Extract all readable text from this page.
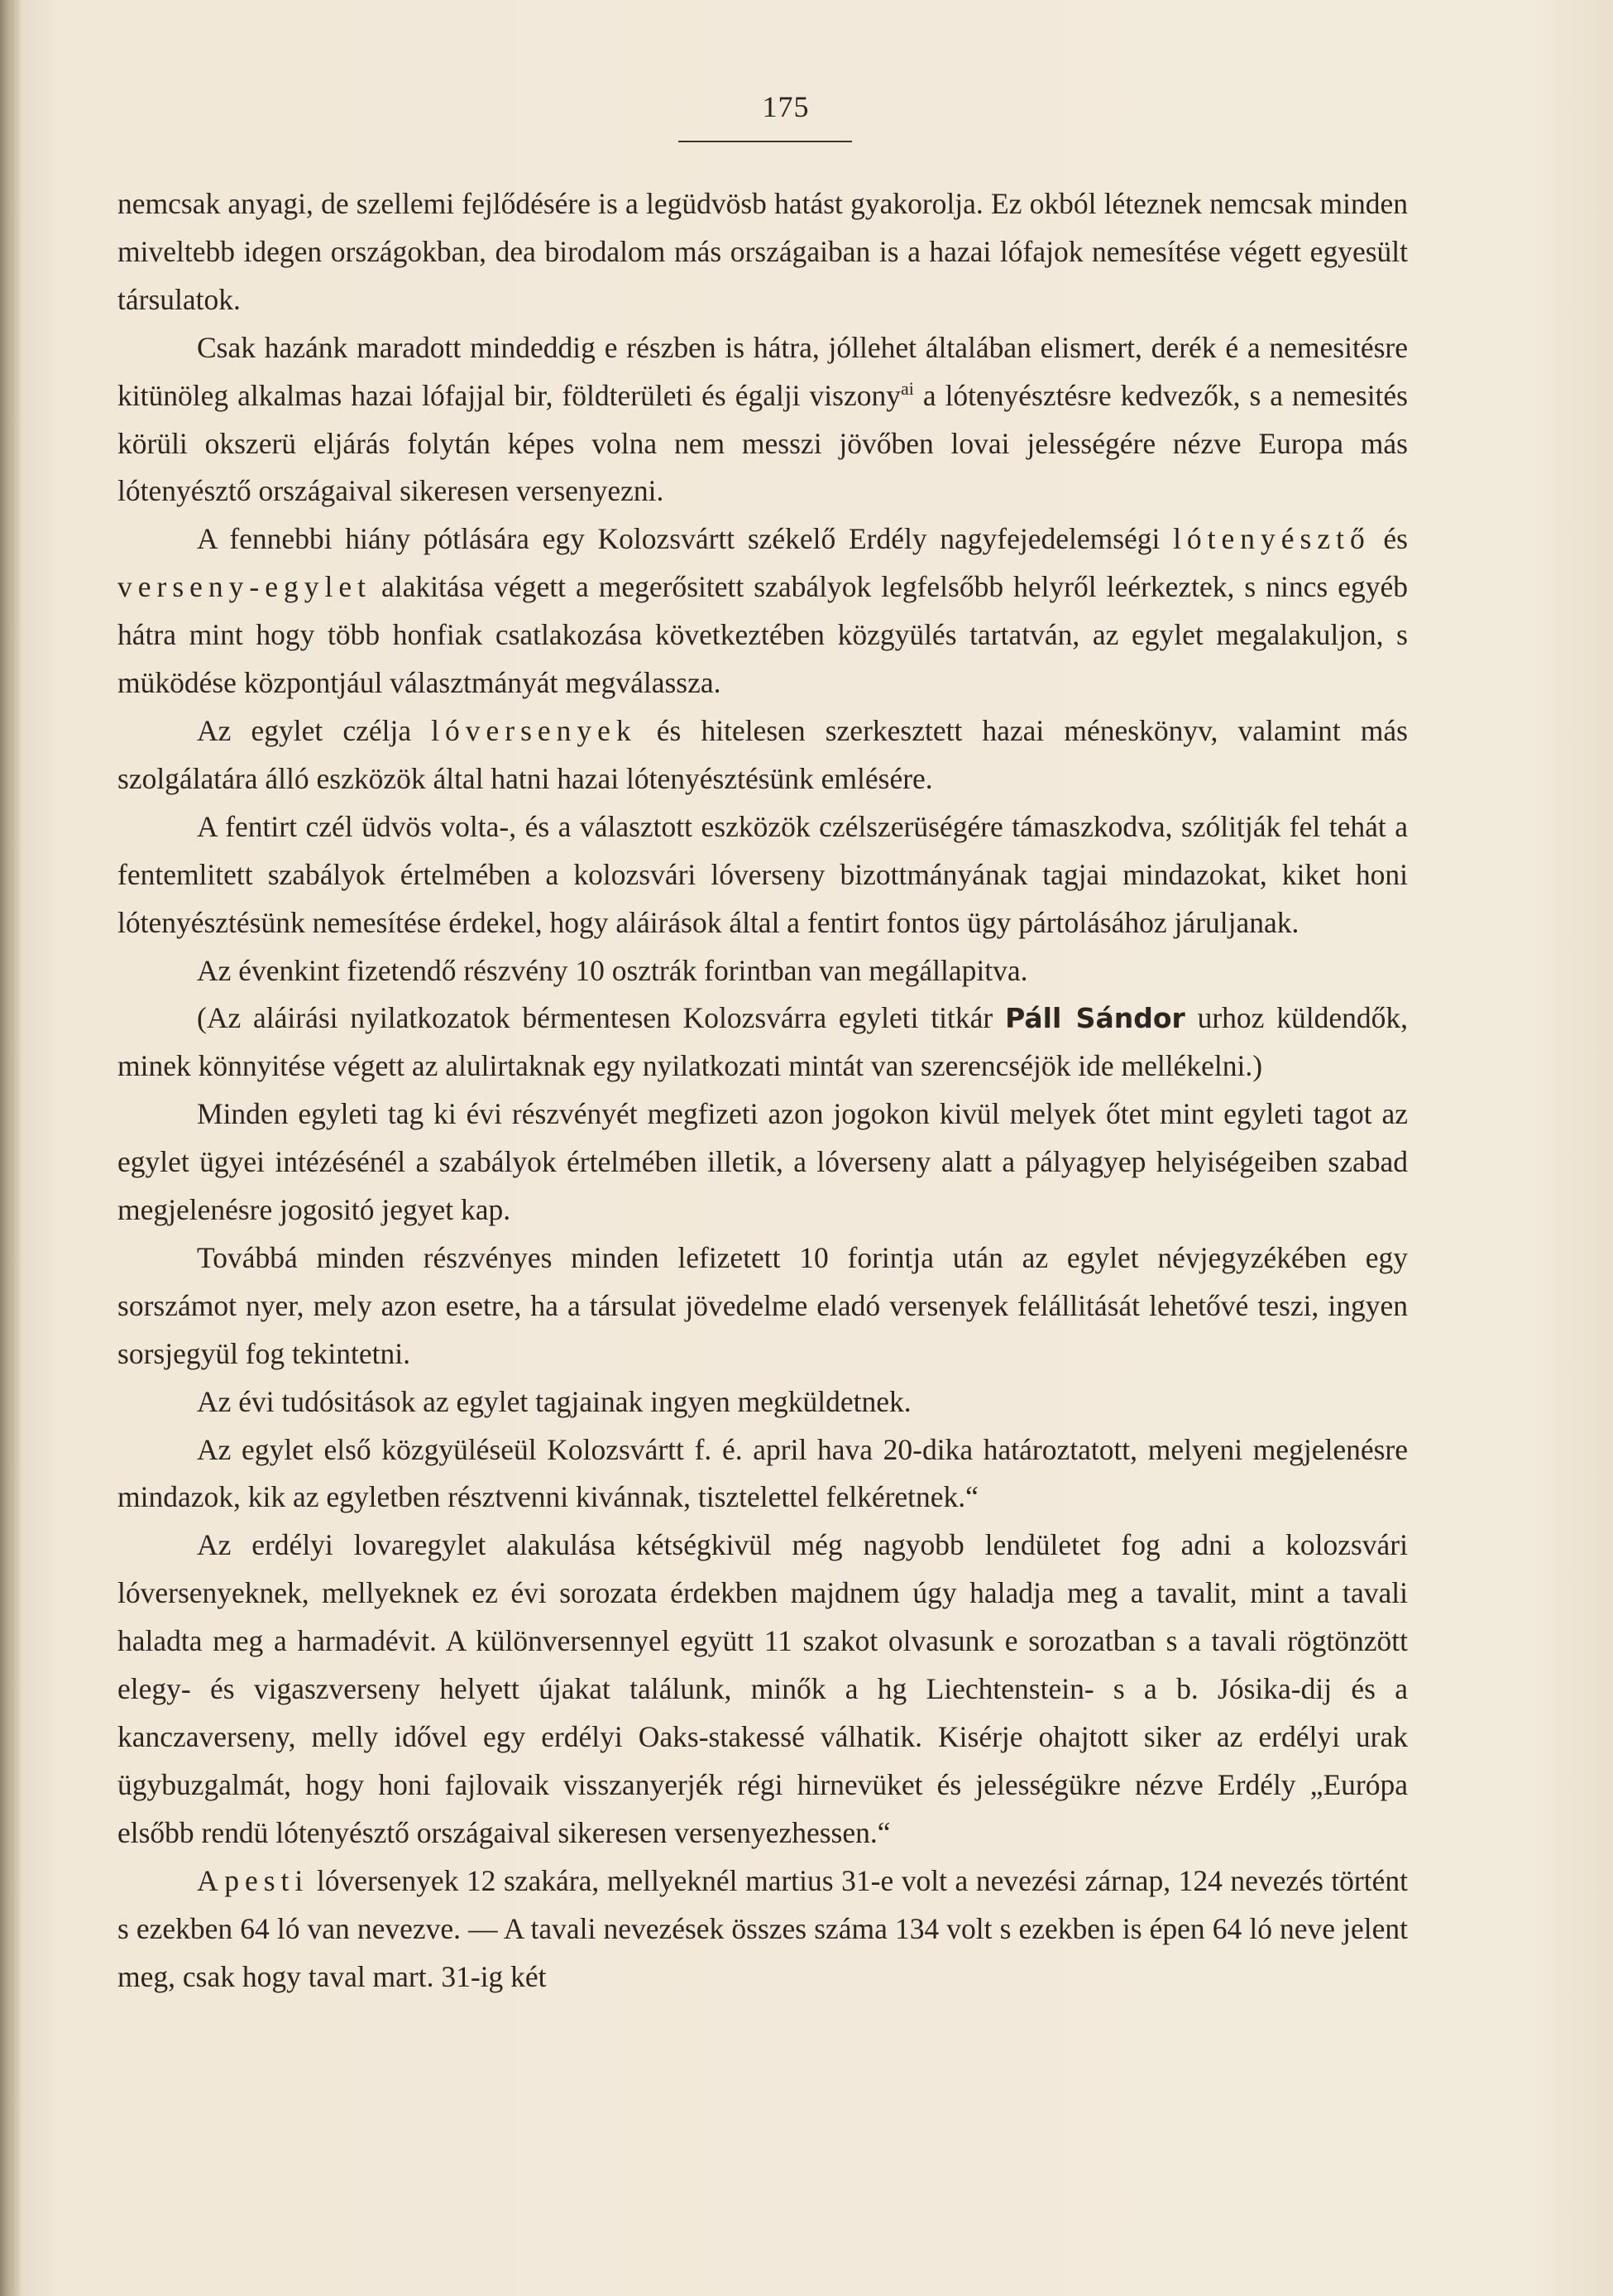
175

nemcsak anyagi, de szellemi fejlődésére is a legüdvösb hatást gyakorolja. Ez okból léteznek nemcsak minden miveltebb idegen országokban, dea birodalom más országaiban is a hazai lófajok nemesítése végett egyesült társulatok.

Csak hazánk maradott mindeddig e részben is hátra, jóllehet általában elismert, derék é a nemesitésre kitünöleg alkalmas hazai lófajjal bir, földterületi és égalji viszony$^{ai}$ a lótenyésztésre kedvezők, s a nemesités körüli okszerü eljárás folytán képes volna nem messzi jövőben lovai jelességére nézve Europa más lótenyésztő országaival sikeresen versenyezni.

A fennebbi hiány pótlására egy Kolozsvártt székelő Erdély nagyfejedelemségi lótenyésztő és verseny-egylet alakitása végett a megerősitett szabályok legfelsőbb helyről leérkeztek, s nincs egyéb hátra mint hogy több honfiak csatlakozása következtében közgyülés tartatván, az egylet megalakuljon, s müködése központjául választmányát megválassza.

Az egylet czélja lóversenyek és hitelesen szerkesztett hazai méneskönyv, valamint más szolgálatára álló eszközök által hatni hazai lótenyésztésünk emlésére.

A fentirt czél üdvös volta-, és a választott eszközök czélszerüségére támaszkodva, szólitják fel tehát a fentemlitett szabályok értelmében a kolozsvári lóverseny bizottmányának tagjai mindazokat, kiket honi lótenyésztésünk nemesítése érdekel, hogy aláirások által a fentirt fontos ügy pártolásához járuljanak.

Az évenkint fizetendő részvény 10 osztrák forintban van megállapitva.

(Az aláirási nyilatkozatok bérmentesen Kolozsvárra egyleti titkár Páll Sándor urhoz küldendők, minek könnyitése végett az alulirtaknak egy nyilatkozati mintát van szerencséjök ide mellékelni.)

Minden egyleti tag ki évi részvényét megfizeti azon jogokon kivül melyek őtet mint egyleti tagot az egylet ügyei intézésénél a szabályok értelmében illetik, a lóverseny alatt a pályagyep helyiségeiben szabad megjelenésre jogositó jegyet kap.

Továbbá minden részvényes minden lefizetett 10 forintja után az egylet névjegyzékében egy sorszámot nyer, mely azon esetre, ha a társulat jövedelme eladó versenyek felállitását lehetővé teszi, ingyen sorsjegyül fog tekintetni.

Az évi tudósitások az egylet tagjainak ingyen megküldetnek.

Az egylet első közgyüléseül Kolozsvártt f. é. april hava 20-dika határoztatott, melyeni megjelenésre mindazok, kik az egyletben résztvenni kivánnak, tisztelettel felkéretnek.“

Az erdélyi lovaregylet alakulása kétségkivül még nagyobb lendületet fog adni a kolozsvári lóversenyeknek, mellyeknek ez évi sorozata érdekben majdnem úgy haladja meg a tavalit, mint a tavali haladta meg a harmadévit. A különversennyel együtt 11 szakot olvasunk e sorozatban s a tavali rögtönzött elegy- és vigaszverseny helyett újakat találunk, minők a hg Liechtenstein- s a b. Jósika-dij és a kanczaverseny, melly idővel egy erdélyi Oaks-stakessé válhatik. Kisérje ohajtott siker az erdélyi urak ügybuzgalmát, hogy honi fajlovaik visszanyerjék régi hirnevüket és jelességükre nézve Erdély „Európa elsőbb rendü lótenyésztő országaival sikeresen versenyezhessen.“

A pesti lóversenyek 12 szakára, mellyeknél martius 31-e volt a nevezési zárnap, 124 nevezés történt s ezekben 64 ló van nevezve. — A tavali nevezések összes száma 134 volt s ezekben is épen 64 ló neve jelent meg, csak hogy taval mart. 31-ig két
